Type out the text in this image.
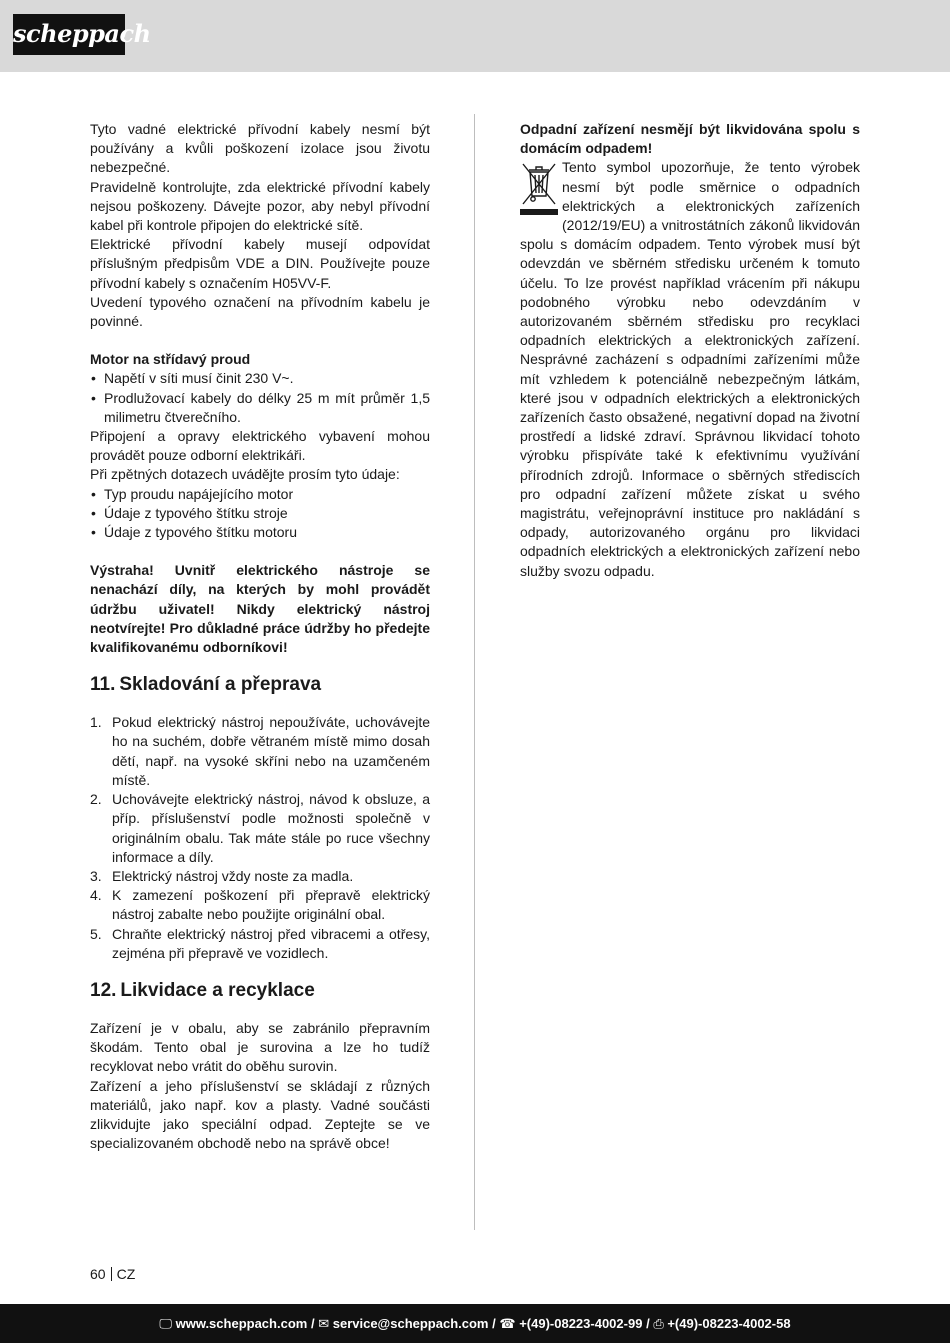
scheppach

Tyto vadné elektrické přívodní kabely nesmí být používány a kvůli poškození izolace jsou životu nebezpečné.

Pravidelně kontrolujte, zda elektrické přívodní kabely nejsou poškozeny. Dávejte pozor, aby nebyl přívodní kabel při kontrole připojen do elektrické sítě.

Elektrické přívodní kabely musejí odpovídat příslušným předpisům VDE a DIN. Používejte pouze přívodní kabely s označením H05VV-F.

Uvedení typového označení na přívodním kabelu je povinné.

Motor na střídavý proud

• Napětí v síti musí činit 230 V~.
• Prodlužovací kabely do délky 25 m mít průměr 1,5 milimetru čtverečního.

Připojení a opravy elektrického vybavení mohou provádět pouze odborní elektrikáři.

Při zpětných dotazech uvádějte prosím tyto údaje:

• Typ proudu napájejícího motor
• Údaje z typového štítku stroje
• Údaje z typového štítku motoru

Výstraha! Uvnitř elektrického nástroje se nenachází díly, na kterých by mohl provádět údržbu uživatel! Nikdy elektrický nástroj neotvírejte! Pro důkladné práce údržby ho předejte kvalifikovanému odborníkovi!

11. Skladování a přeprava
1. Pokud elektrický nástroj nepoužíváte, uchovávejte ho na suchém, dobře větraném místě mimo dosah dětí, např. na vysoké skříni nebo na uzamčeném místě.
2. Uchovávejte elektrický nástroj, návod k obsluze, a příp. příslušenství podle možnosti společně v originálním obalu. Tak máte stále po ruce všechny informace a díly.
3. Elektrický nástroj vždy noste za madla.
4. K zamezení poškození při přepravě elektrický nástroj zabalte nebo použijte originální obal.
5. Chraňte elektrický nástroj před vibracemi a otřesy, zejména při přepravě ve vozidlech.
12. Likvidace a recyklace

Zařízení je v obalu, aby se zabránilo přepravním škodám. Tento obal je surovina a lze ho tudíž recyklovat nebo vrátit do oběhu surovin.

Zařízení a jeho příslušenství se skládají z různých materiálů, jako např. kov a plasty. Vadné součásti zlikvidujte jako speciální odpad. Zeptejte se ve specializovaném obchodě nebo na správě obce!

Odpadní zařízení nesmějí být likvidována spolu s domácím odpadem!

Tento symbol upozorňuje, že tento výrobek nesmí být podle směrnice o odpadních elektrických a elektronických zařízeních (2012/19/EU) a vnitrostátních zákonů likvidován spolu s domácím odpadem. Tento výrobek musí být odevzdán ve sběrném středisku určeném k tomuto účelu. To lze provést například vrácením při nákupu podobného výrobku nebo odevzdáním v autorizovaném sběrném středisku pro recyklaci odpadních elektrických a elektronických zařízení. Nesprávné zacházení s odpadními zařízeními může mít vzhledem k potenciálně nebezpečným látkám, které jsou v odpadních elektrických a elektronických zařízeních často obsažené, negativní dopad na životní prostředí a lidské zdraví. Správnou likvidací tohoto výrobku přispíváte také k efektivnímu využívání přírodních zdrojů. Informace o sběrných střediscích pro odpadní zařízení můžete získat u svého magistrátu, veřejnoprávní instituce pro nakládání s odpady, autorizovaného orgánu pro likvidaci odpadních elektrických a elektronických zařízení nebo služby svozu odpadu.

60 CZ
🖵︎ www.scheppach.com / ✉︎ service@scheppach.com / ☎︎ +(49)-08223-4002-99 / ⎙ +(49)-08223-4002-58
